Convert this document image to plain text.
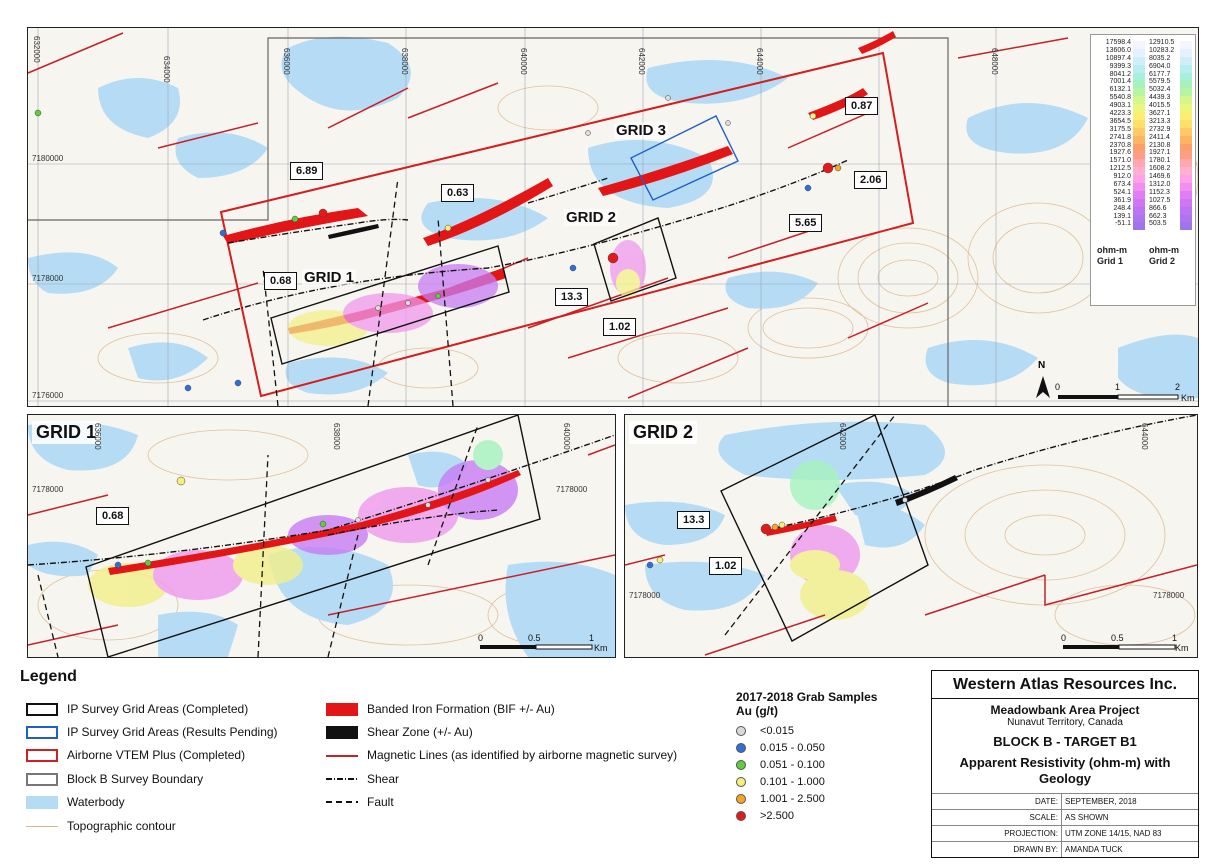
632000
634000	636000	638000	640000	642000	644000	648000
7180000
7178000
7176000
GRID 1
GRID 2
GRID 3
6.89
0.63
0.87
2.06
5.65
13.3
1.02
0.68
N
0	1	2
Km
17598.4
13606.0
10897.4
9399.3
8041.2
7001.4
6132.1
5540.8
4903.1
4223.3
3654.5
3175.5
2741.8
2370.8
1927.6
1571.0
1212.5
912.0
673.4
524.1
361.9
248.4
139.1
-51.1
12910.5
10283.2
8035.2
6904.0
6177.7
5579.5
5032.4
4439.3
4015.5
3627.1
3213.3
2732.9
2411.4
2130.8
1927.1
1780.1
1608.2
1469.6
1312.0
1152.3
1027.5
866.6
662.3
503.5
ohm-m
Grid 1
ohm-m
Grid 2
GRID 1
0.68
636000	638000	640000
7178000	7178000
0	0.5	1
Km
GRID 2
13.3
1.02
642000	644000
7178000	7178000
0	0.5	1
Km
Legend
IP Survey Grid Areas (Completed)
IP Survey Grid Areas (Results Pending)
Airborne VTEM Plus (Completed)
Block B Survey Boundary
Waterbody
Topographic contour
Banded Iron Formation (BIF +/- Au)
Shear Zone (+/- Au)
Magnetic Lines (as identified by airborne magnetic survey)
Shear
Fault
2017-2018 Grab Samples
Au (g/t)
<0.015
0.015 - 0.050
0.051 - 0.100
0.101 - 1.000
1.001 - 2.500
>2.500
Western Atlas Resources Inc.
Meadowbank Area Project
Nunavut Territory, Canada
BLOCK B - TARGET B1
Apparent Resistivity (ohm-m) with Geology
DATE: SEPTEMBER, 2018
SCALE: AS SHOWN
PROJECTION: UTM ZONE 14/15, NAD 83
DRAWN BY: AMANDA TUCK
